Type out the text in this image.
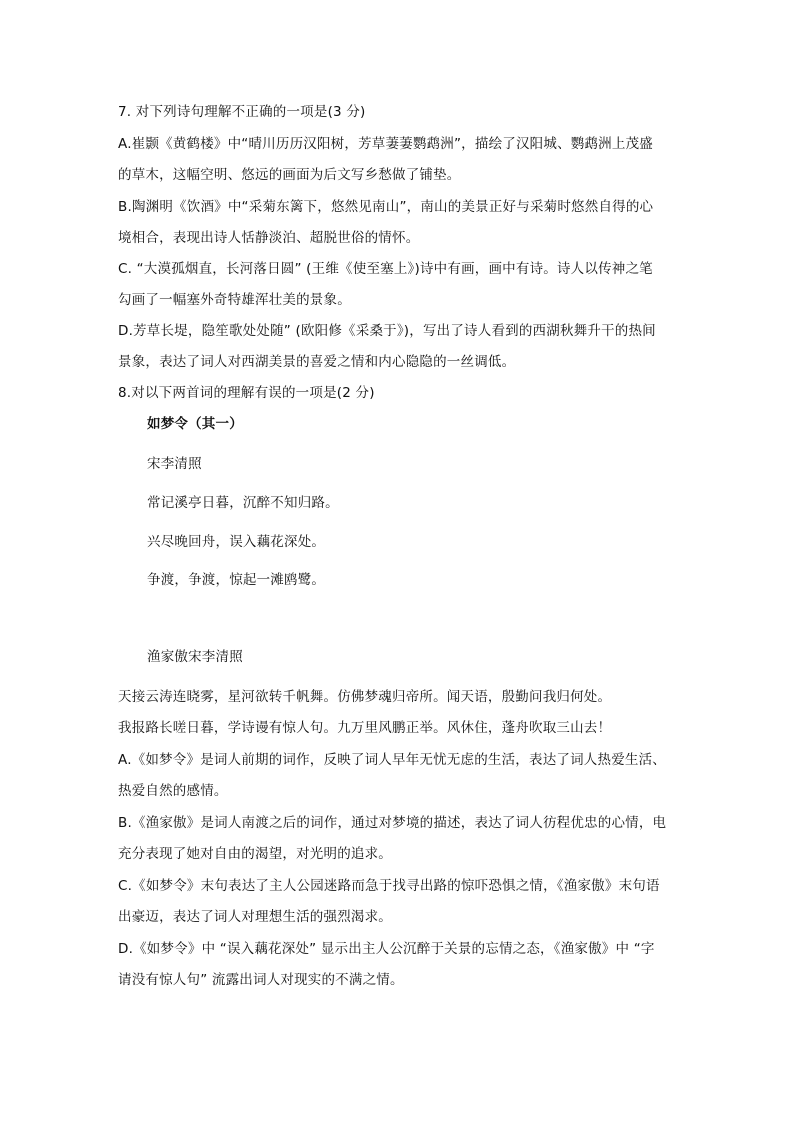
7. 对下列诗句理解不正确的一项是(3 分)
A.崔颢《黄鹤楼》中“晴川历历汉阳树，芳草萋萋鹦鹉洲”，描绘了汉阳城、鹦鹉洲上茂盛
的草木，这幅空明、悠远的画面为后文写乡愁做了铺垫。
B.陶渊明《饮酒》中“采菊东篱下，悠然见南山”，南山的美景正好与采菊时悠然自得的心
境相合，表现出诗人恬静淡泊、超脱世俗的情怀。
C. “大漠孤烟直，长河落日圆” (王维《使至塞上》)诗中有画，画中有诗。诗人以传神之笔
勾画了一幅塞外奇特雄浑壮美的景象。
D.芳草长堤，隐笙歌处处随” (欧阳修《采桑于》)，写出了诗人看到的西湖秋舞升干的热间
景象，表达了词人对西湖美景的喜爱之情和内心隐隐的一丝调低。
8.对以下两首词的理解有误的一项是(2 分)
如梦令（其一）
宋李清照
常记溪亭日暮，沉醉不知归路。
兴尽晚回舟，误入藕花深处。
争渡，争渡，惊起一滩鸥鹭。
渔家傲宋李清照
天接云涛连晓雾，星河欲转千帆舞。仿佛梦魂归帝所。闻天语，殷勤问我归何处。
我报路长嗟日暮，学诗谩有惊人句。九万里风鹏正举。风休住，蓬舟吹取三山去！
A.《如梦令》是词人前期的词作，反映了词人早年无忧无虑的生活，表达了词人热爱生活、
热爱自然的感情。
B.《渔家傲》是词人南渡之后的词作，通过对梦境的描述，表达了词人彷程优忠的心情，电
充分表现了她对自由的渴望，对光明的追求。
C.《如梦令》末句表达了主人公园迷路而急于找寻出路的惊吓恐惧之情，《渔家傲》末句语
出豪迈，表达了词人对理想生活的强烈渴求。
D.《如梦令》中 “误入藕花深处” 显示出主人公沉醉于关景的忘情之态，《渔家傲》中 “字
请没有惊人句” 流露出词人对现实的不满之情。
